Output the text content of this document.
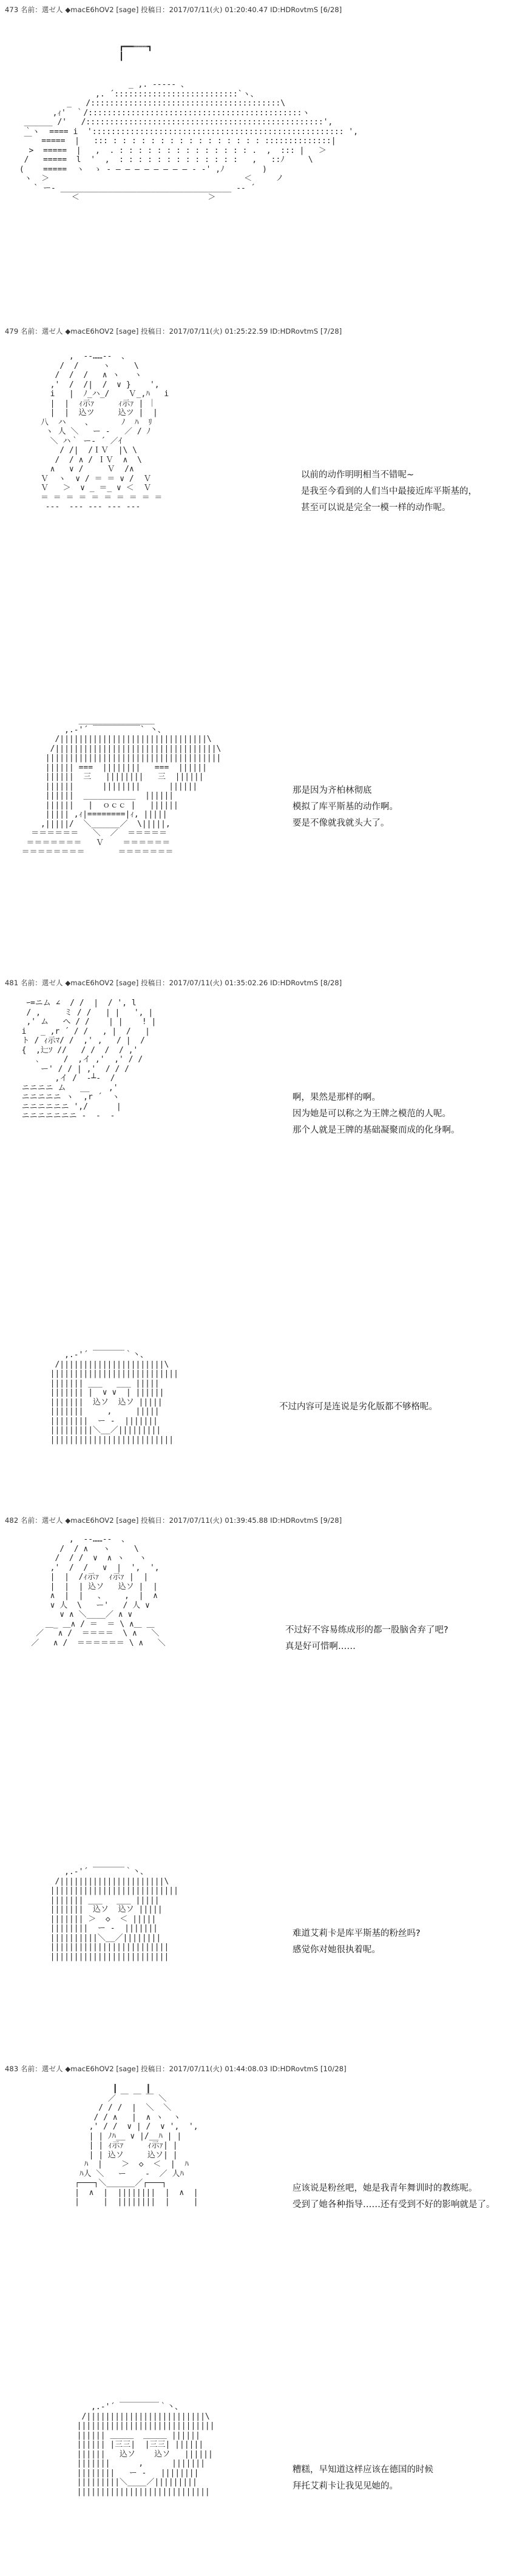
473 名前：選ゼ人 ◆macE6hOV2 [sage] 投稿日：2017/07/11(火) 01:20:40.47 ID:HDRovtmS [6/28]
┏━━┅┅┅┓
┃

_ ,. --‐‐- 、
,. ´::::::::::::::::::::::::::`ヽ、
_   /::::::::::::::::::::::::::::::::::::::::\
,ｨ'  ｀/:::::::::::::::::::::::::::::::::::::::::::::ヽ
______ /'   /::::::::::::::::::::::::::::::::::::::::::::::::::',
｀ヽ  ==== i  '::::::::::::::::::::::::::::::::::::::::::::::::::::: ',
￣  =====  |   ::: : : : : : : : : : : : : : : : : ::::::::::::::|
>  =====  |   ,  . : : : : : : : : : : : : : : .  ,  ::: |   ＞
/   =====  l  '  ,  : : : : : : : : : : : : :   ,   ::ﾉ     \
(    =====  ヽ  ゝ - ― ― ― ― ― ― ― ― - ‐' ,ﾉ        )
ヽ  ＞                                         ＜     ノ
` ー- ____________________________________ -‐ ´
＜                           ＞
479 名前：選ゼ人 ◆macE6hOV2 [sage] 投稿日：2017/07/11(火) 01:25:22.59 ID:HDRovtmS [7/28]
,  -‐……‐-  、
/  /     ヽ     \
/  /  /   ∧ ヽ   ヽ
,'  /  /|  /  ∨ }    ',
i   |  ﾉ_ハ_/    Ｖ_,ﾊ   i
|  |  ｨ示ｧ     ｨ示ｧ | ｜
|  |  込ツ     込ツ |  |
八  ハ    、      ﾉ  ﾊ  ﾘ
ヽ 人 ＼   ー ‐   ／ / ﾉ
＼ ハ｀ ー‐ ´ ／ｲ
/ /|  /ＩＶ  |\ \
/  / ∧ / ＩＶ  ∧  \
∧   ∨ /     Ｖ  /∧
Ｖ  ヽ  ∨ / ＝ ＝ ∨ /  Ｖ
Ｖ   ＞  ∨ _ ＝_ ∨ ＜  Ｖ
＝ ＝ ＝ ＝ ＝ ＝ ＝ ＝ ＝ ＝
‐‐‐  ‐‐‐ ‐‐‐ ‐‐‐ ‐‐‐
以前的动作明明相当不错呢~
是我至今看到的人们当中最接近库平斯基的，
甚至可以说是完全一模一样的动作呢。
________________
,.-'´ ￣￣￣￣￣￣` 丶、
/|||||||||||||||||||||||||||||||\
/||||||||||||||||||||||||||||||||||\
|||||||||||||||||||||||||||||||||||||
|||||| ===  ||||||||   ===  ||||||
||||||  三   ||||||||   三  ||||||
||||||      ||||||||      ||||||
||||||  ___________  ||||||
||||||   |  ｏｃｃ |   ||||||
||||| ,ｨ|========|ｨ, |||||
,|||||/  ＼______／  \|||||,
＝＝＝＝＝＝   ＼  ／  ＝＝＝＝＝
＝＝＝＝＝＝＝   Ｖ    ＝＝＝＝＝＝
＝＝＝＝＝＝＝＝       ＝＝＝＝＝＝＝
那是因为齐柏林彻底
模拟了库平斯基的动作啊。
要是不像就我就头大了。
481 名前：選ゼ人 ◆macE6hOV2 [sage] 投稿日：2017/07/11(火) 01:35:02.26 ID:HDRovtmS [8/28]
ｰ=ニム ∠  / /  |  / ', l
/ ,     ミ / /   | |   ', |
,' ム   へ / /    | |    ! |
i   _ ,r ´ / /   , |  /   |
ト / ｨ示ﾏ/ /  ,' ,   / |  /
{  ,辷ｿ //   / /  /  / ,'
､     /  ,イ ,'  ,' / /
ー' / / | ,'  / / /
,イ /  ‐┴‐  /
ニニニニ ム   __    ,'
ニニニニニ ヽ  ,r ´  ヽ
ニニニニニニ ',/      |
ニニニニニニニ ‐  ‐  ‐
啊，果然是那样的啊。
因为她是可以称之为王牌之模范的人呢。
那个人就是王牌的基础凝聚而成的化身啊。
,.-'´ ￣￣￣￣｀丶、
/||||||||||||||||||||||\
|||||||||||||||||||||||||||
||||||| ___   ___ |||||
||||||| |  ∨ ∨  | ||||||
|||||||  込ソ  込ソ |||||
|||||||     ,     |||||
||||||||  ー ‐  |||||||
|||||||||＼__／|||||||||
||||||||||||||||||||||||||
不过内容可是连说是劣化版都不够格呢。
482 名前：選ゼ人 ◆macE6hOV2 [sage] 投稿日：2017/07/11(火) 01:39:45.88 ID:HDRovtmS [9/28]
,  -‐……‐-  、
/  / ∧   ヽ     \
/  / /  ∨  ∧ ヽ   ヽ
,'  /  /   ∨  |  ',  ',
|  |  /ｨ示ｧ  ｨ示ｧ |  |
|  |  | 込ソ   込ソ |  |
∧  |  |   、    ,  |  ∧
∨ 人  \   ー'   / 人 ∨
∨ ∧ ＼____／ ∧ ∨
＿_ ＿∧ / ＝  ＝ \ ∧＿ ＿
／   ∧ /  ＝＝＝＝  \ ∧   ＼
／   ∧ /  ＝＝＝＝＝＝ \ ∧   ＼
不过好不容易练成形的都一股脑舍弃了吧?
真是好可惜啊……
,.-'´ ￣￣￣￣｀丶、
/||||||||||||||||||||||\
|||||||||||||||||||||||||||
||||||| ___   ___ |||||
|||||||  込ソ  込ソ |||||
||||||| ＞  ◇  ＜ |||||
||||||||  ー ‐  |||||||
||||||||||＼__／||||||||
|||||||||||||||||||||||||
|||||||||||||||||||||||||
难道艾莉卡是库平斯基的粉丝吗?
感觉你对她很执着呢。
483 名前：選ゼ人 ◆macE6hOV2 [sage] 投稿日：2017/07/11(火) 01:44:08.03 ID:HDRovtmS [10/28]
┃      ┃
／ ￣ ￣ ￣ ＼
/ / /  |  ＼  ＼
/ / ∧   |  ∧ ヽ  ヽ
,' / /  ∨ | /  ∨ ',  ',
| | ﾉﾊ__ ∨ |/__ﾊ | |
| | ｨ示ｧ     ｨ示ｧ| |
| | 込ソ     込ソ| |
ﾊ  |    ＞  ◇  ＜  |  ﾊ
ﾊ人 ＼   ー    ‐  ／ 人ﾊ
┌───┐＼______／┌───┐
|  ∧  |  ||||||||  |  ∧  |
|     |  ||||||||  |     |
应该说是粉丝吧，她是我青年舞训时的教练呢。
受到了她各种指导……还有受到不好的影响就是了。
,.-'´ ￣￣￣￣￣｀丶、
/|||||||||||||||||||||||||\
|||||||||||||||||||||||||||||
|||||| ＿＿＿  ＿＿＿ ||||||
|||||| |三三|  |三三| ||||||
||||||   込ソ    込ソ   ||||||
|||||||      ,      |||||||
||||||||   ー ‐   ||||||||
|||||||||＼____／|||||||||
||||||||||||||||||||||||||||
糟糕，早知道这样应该在德国的时候
拜托艾莉卡让我见见她的。
